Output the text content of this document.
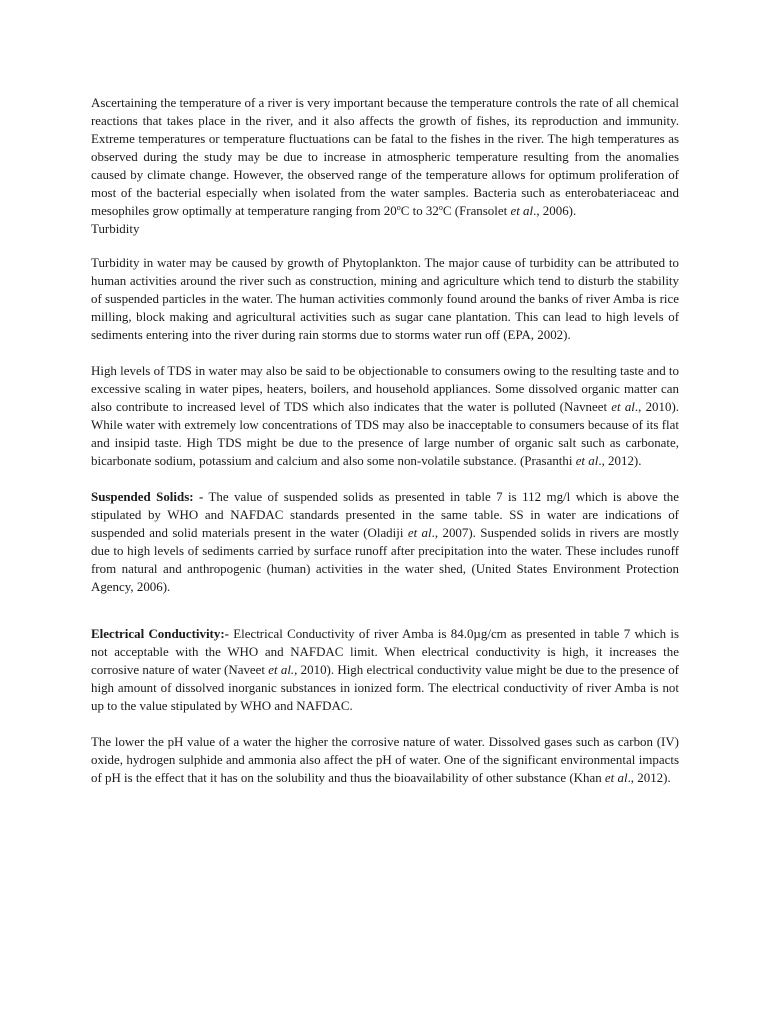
Ascertaining the temperature of a river is very important because the temperature controls the rate of all chemical reactions that takes place in the river, and it also affects the growth of fishes, its reproduction and immunity. Extreme temperatures or temperature fluctuations can be fatal to the fishes in the river. The high temperatures as observed during the study may be due to increase in atmospheric temperature resulting from the anomalies caused by climate change. However, the observed range of the temperature allows for optimum proliferation of most of the bacterial especially when isolated from the water samples. Bacteria such as enterobateriaceac and mesophiles grow optimally at temperature ranging from 20$^o$C to 32$^o$C (Fransolet et al., 2006).

Turbidity

Turbidity in water may be caused by growth of Phytoplankton. The major cause of turbidity can be attributed to human activities around the river such as construction, mining and agriculture which tend to disturb the stability of suspended particles in the water. The human activities commonly found around the banks of river Amba is rice milling, block making and agricultural activities such as sugar cane plantation. This can lead to high levels of sediments entering into the river during rain storms due to storms water run off (EPA, 2002).

High levels of TDS in water may also be said to be objectionable to consumers owing to the resulting taste and to excessive scaling in water pipes, heaters, boilers, and household appliances. Some dissolved organic matter can also contribute to increased level of TDS which also indicates that the water is polluted (Navneet et al., 2010). While water with extremely low concentrations of TDS may also be inacceptable to consumers because of its flat and insipid taste. High TDS might be due to the presence of large number of organic salt such as carbonate, bicarbonate sodium, potassium and calcium and also some non-volatile substance. (Prasanthi et al., 2012).

Suspended Solids: - The value of suspended solids as presented in table 7 is 112 mg/l which is above the stipulated by WHO and NAFDAC standards presented in the same table. SS in water are indications of suspended and solid materials present in the water (Oladiji et al., 2007). Suspended solids in rivers are mostly due to high levels of sediments carried by surface runoff after precipitation into the water. These includes runoff from natural and anthropogenic (human) activities in the water shed, (United States Environment Protection Agency, 2006).

Electrical Conductivity:- Electrical Conductivity of river Amba is 84.0µg/cm as presented in table 7 which is not acceptable with the WHO and NAFDAC limit. When electrical conductivity is high, it increases the corrosive nature of water (Naveet et al., 2010). High electrical conductivity value might be due to the presence of high amount of dissolved inorganic substances in ionized form. The electrical conductivity of river Amba is not up to the value stipulated by WHO and NAFDAC.

The lower the pH value of a water the higher the corrosive nature of water. Dissolved gases such as carbon (IV) oxide, hydrogen sulphide and ammonia also affect the pH of water. One of the significant environmental impacts of pH is the effect that it has on the solubility and thus the bioavailability of other substance (Khan et al., 2012).
